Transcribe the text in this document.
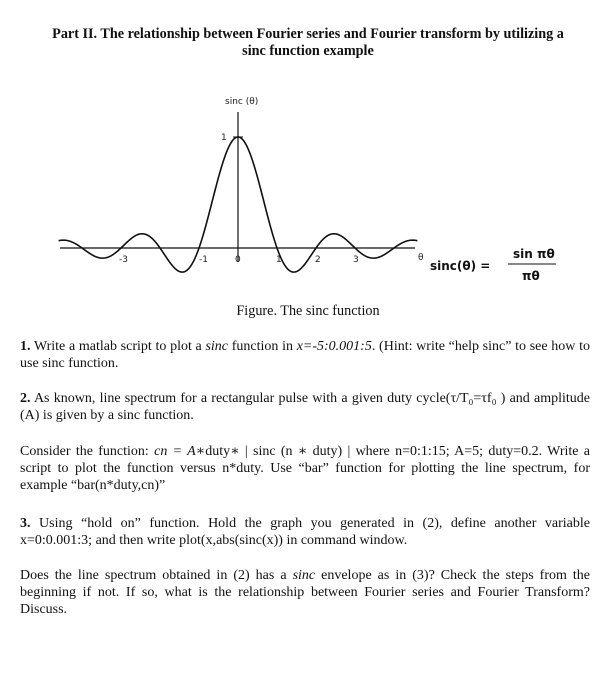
Part II. The relationship between Fourier series and Fourier transform by utilizing a
sinc function example
sinc (θ)
1
-3	-1	0	1	2	3	θ
sinc(θ) =
sin πθ
πθ
Figure. The sinc function
1. Write a matlab script to plot a sinc function in x=-5:0.001:5. (Hint: write “help sinc” to see how to use sinc function.
2. As known, line spectrum for a rectangular pulse with a given duty cycle(τ/T₀=τf₀ ) and amplitude (A) is given by a sinc function.
Consider the function: cn = A∗duty∗ | sinc (n ∗ duty) | where n=0:1:15; A=5; duty=0.2. Write a script to plot the function versus n*duty. Use “bar” function for plotting the line spectrum, for example “bar(n*duty,cn)”
3. Using “hold on” function. Hold the graph you generated in (2), define another variable x=0:0.001:3; and then write plot(x,abs(sinc(x)) in command window.
Does the line spectrum obtained in (2) has a sinc envelope as in (3)? Check the steps from the beginning if not. If so, what is the relationship between Fourier series and Fourier Transform? Discuss.
